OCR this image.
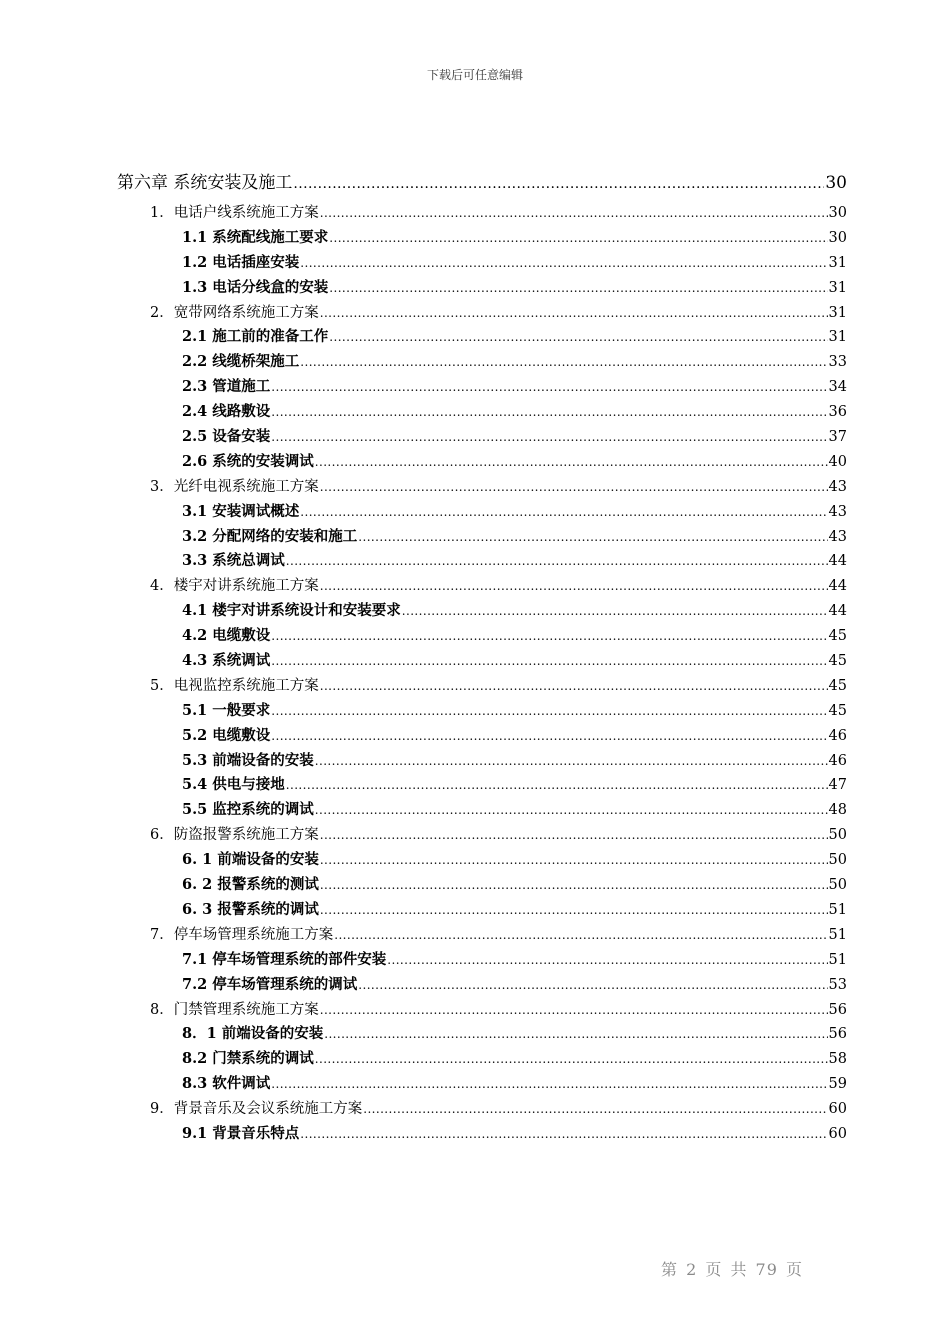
下载后可任意编辑
第六章 系统安装及施工 .....	30
1．电话户线系统施工方案 .....	30
1.1 系统配线施工要求 .....	30
1.2 电话插座安装 .....	31
1.3 电话分线盒的安装 .....	31
2．宽带网络系统施工方案 .....	31
2.1 施工前的准备工作 .....	31
2.2 线缆桥架施工 .....	33
2.3 管道施工 .....	34
2.4 线路敷设 .....	36
2.5 设备安装 .....	37
2.6 系统的安装调试 .....	40
3．光纤电视系统施工方案 .....	43
3.1 安装调试概述 .....	43
3.2 分配网络的安装和施工 .....	43
3.3 系统总调试 .....	44
4．楼宇对讲系统施工方案 .....	44
4.1 楼宇对讲系统设计和安装要求 .....	44
4.2 电缆敷设 .....	45
4.3 系统调试 .....	45
5．电视监控系统施工方案 .....	45
5.1 一般要求 .....	45
5.2 电缆敷设 .....	46
5.3 前端设备的安装 .....	46
5.4 供电与接地 .....	47
5.5 监控系统的调试 .....	48
6．防盗报警系统施工方案 .....	50
6. 1 前端设备的安装 .....	50
6. 2 报警系统的测试 .....	50
6. 3 报警系统的调试 .....	51
7．停车场管理系统施工方案 .....	51
7.1 停车场管理系统的部件安装 .....	51
7.2 停车场管理系统的调试 .....	53
8．门禁管理系统施工方案 .....	56
8．1 前端设备的安装 .....	56
8.2 门禁系统的调试 .....	58
8.3 软件调试 .....	59
9．背景音乐及会议系统施工方案 .....	60
9.1 背景音乐特点 .....	60
第 2 页 共 79 页
